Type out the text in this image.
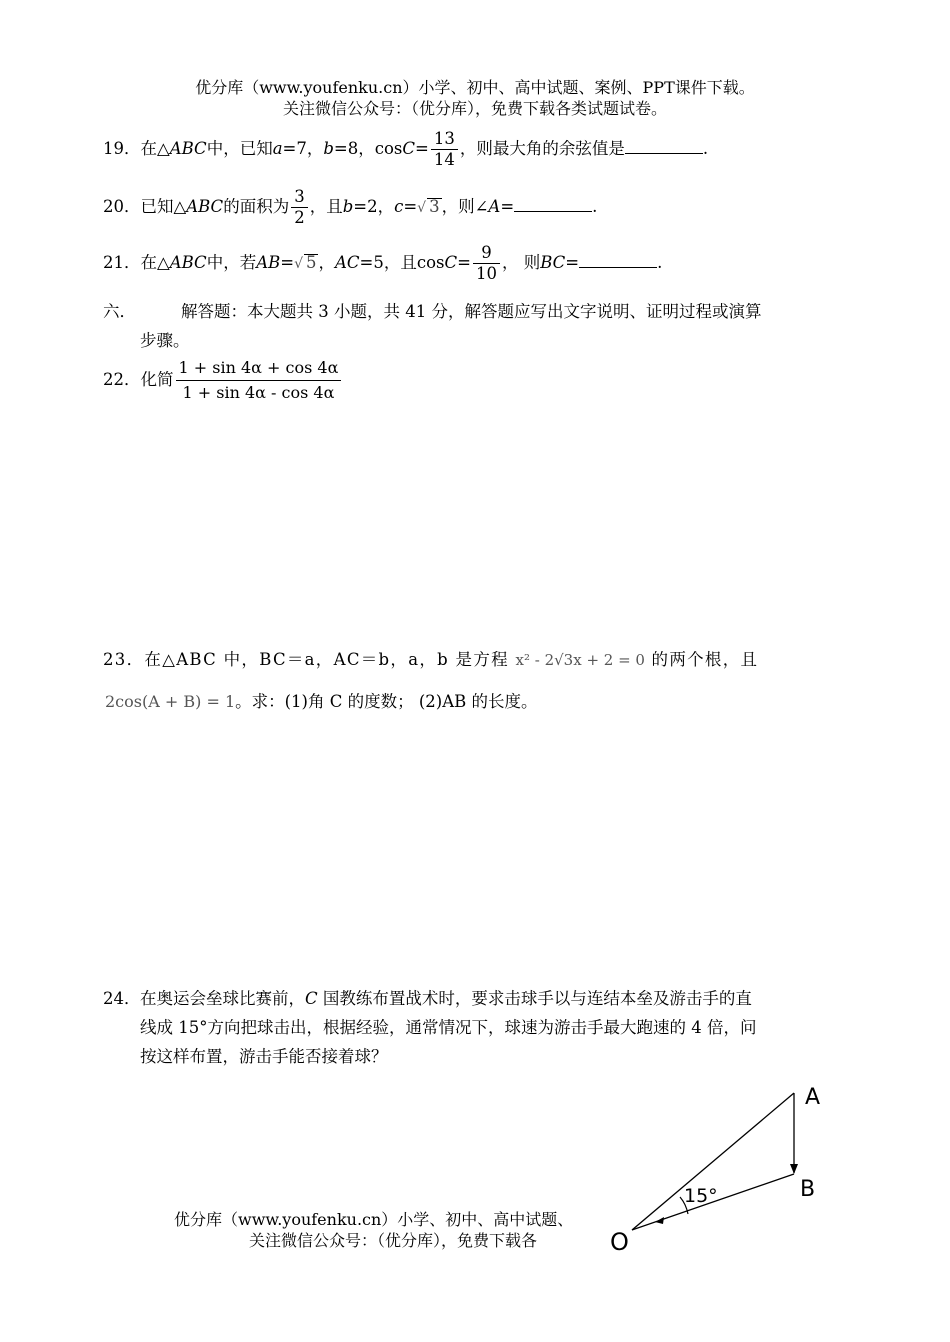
优分库（www.youfenku.cn）小学、初中、高中试题、案例、PPT课件下载。
关注微信公众号：（优分库），免费下载各类试题试卷。
19．在△ABC中，已知a=7，b=8，$\cos C= \frac{13}{14}$ ，则最大角的余弦值是	.
20．已知△ABC的面积为 $\frac{3}{2}$ ，且b=2，c=√ 3 ，则∠A=	.
21．在△ABC中，若AB=√ 5 ，AC=5，且$\cos C= \frac{9}{10}$ ， 则BC=	.
六．	解答题：本大题共 3 小题，共 41 分，解答题应写出文字说明、证明过程或演算
步骤。
22．化简 $\frac{1 + \sin 4\alpha + \cos 4\alpha}{1 + \sin 4\alpha - \cos 4\alpha}$
23．在△ABC 中，BC＝a，AC＝b，a，b 是方程 x² - 2√3x + 2 = 0 的两个根，且
2cos(A + B) = 1。求：(1)角 C 的度数； (2)AB 的长度。
24． 在奥运会垒球比赛前，C 国教练布置战术时，要求击球手以与连结本垒及游击手的直
线成 15°方向把球击出，根据经验，通常情况下，球速为游击手最大跑速的 4 倍，问
按这样布置，游击手能否接着球？
15°
A
B
O
优分库（www.youfenku.cn）小学、初中、高中试题、
关注微信公众号：（优分库），免费下载各
